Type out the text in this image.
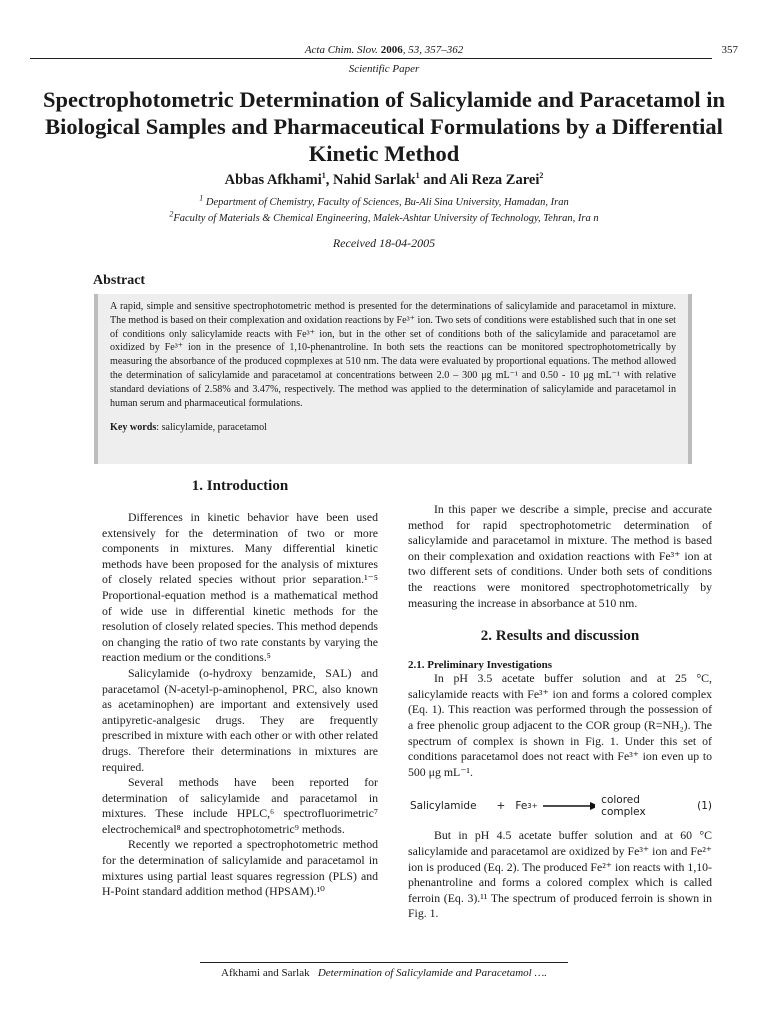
Acta Chim. Slov. 2006, 53, 357–362	357
Scientific Paper
Spectrophotometric Determination of Salicylamide and Paracetamol in Biological Samples and Pharmaceutical Formulations by a Differential Kinetic Method
Abbas Afkhami$^1$, Nahid Sarlak$^1$ and Ali Reza Zarei$^2$
$^1$ Department of Chemistry, Faculty of Sciences, Bu-Ali Sina University, Hamadan, Iran
$^2$Faculty of Materials & Chemical Engineering, Malek-Ashtar University of Technology, Tehran, Ira n
Received 18-04-2005
Abstract
A rapid, simple and sensitive spectrophotometric method is presented for the determinations of salicylamide and paracetamol in mixture. The method is based on their complexation and oxidation reactions by Fe³⁺ ion. Two sets of conditions were established such that in one set of conditions only salicylamide reacts with Fe³⁺ ion, but in the other set of conditions both of the salicylamide and paracetamol are oxidized by Fe³⁺ ion in the presence of 1,10-phenantroline. In both sets the reactions can be monitored spectrophotometrically by measuring the absorbance of the produced copmplexes at 510 nm. The data were evaluated by proportional equations. The method allowed the determination of salicylamide and paracetamol at concentrations between 2.0 – 300 μg mL⁻¹ and 0.50 - 10 μg mL⁻¹ with relative standard deviations of 2.58% and 3.47%, respectively. The method was applied to the determination of salicylamide and paracetamol in human serum and pharmaceutical formulations.
Key words: salicylamide, paracetamol
1. Introduction

Differences in kinetic behavior have been used extensively for the determination of two or more components in mixtures. Many differential kinetic methods have been proposed for the analysis of mixtures of closely related species without prior separation.¹⁻⁵ Proportional-equation method is a mathematical method of wide use in differential kinetic methods for the resolution of closely related species. This method depends on changing the ratio of two rate constants by varying the reaction medium or the conditions.⁵

Salicylamide (o-hydroxy benzamide, SAL) and paracetamol (N-acetyl-p-aminophenol, PRC, also known as acetaminophen) are important and extensively used antipyretic-analgesic drugs. They are frequently prescribed in mixture with each other or with other related drugs. Therefore their determinations in mixtures are required.

Several methods have been reported for determination of salicylamide and paracetamol in mixtures. These include HPLC,⁶ spectrofluorimetric⁷ electrochemical⁸ and spectrophotometric⁹ methods.

Recently we reported a spectrophotometric method for the determination of salicylamide and paracetamol in mixtures using partial least squares regression (PLS) and H-Point standard addition method (HPSAM).¹⁰

In this paper we describe a simple, precise and accurate method for rapid spectrophotometric determination of salicylamide and paracetamol in mixture. The method is based on their complexation and oxidation reactions with Fe³⁺ ion at two different sets of conditions. Under both sets of conditions the reactions were monitored spectrophotometrically by measuring the increase in absorbance at 510 nm.

2. Results and discussion
2.1. Preliminary Investigations

In pH 3.5 acetate buffer solution and at 25 °C, salicylamide reacts with Fe³⁺ ion and forms a colored complex (Eq. 1). This reaction was performed through the possession of a free phenolic group adjacent to the COR group (R=NH₂). The spectrum of complex is shown in Fig. 1. Under this set of conditions paracetamol does not react with Fe³⁺ ion even up to 500 μg mL⁻¹.

Salicylamide + Fe 3+	colored complex	(1)

But in pH 4.5 acetate buffer solution and at 60 °C salicylamide and paracetamol are oxidized by Fe³⁺ ion and Fe²⁺ ion is produced (Eq. 2). The produced Fe²⁺ ion reacts with 1,10-phenantroline and forms a colored complex which is called ferroin (Eq. 3).¹¹ The spectrum of produced ferroin is shown in Fig. 1.

Afkhami and Sarlak Determination of Salicylamide and Paracetamol ….
